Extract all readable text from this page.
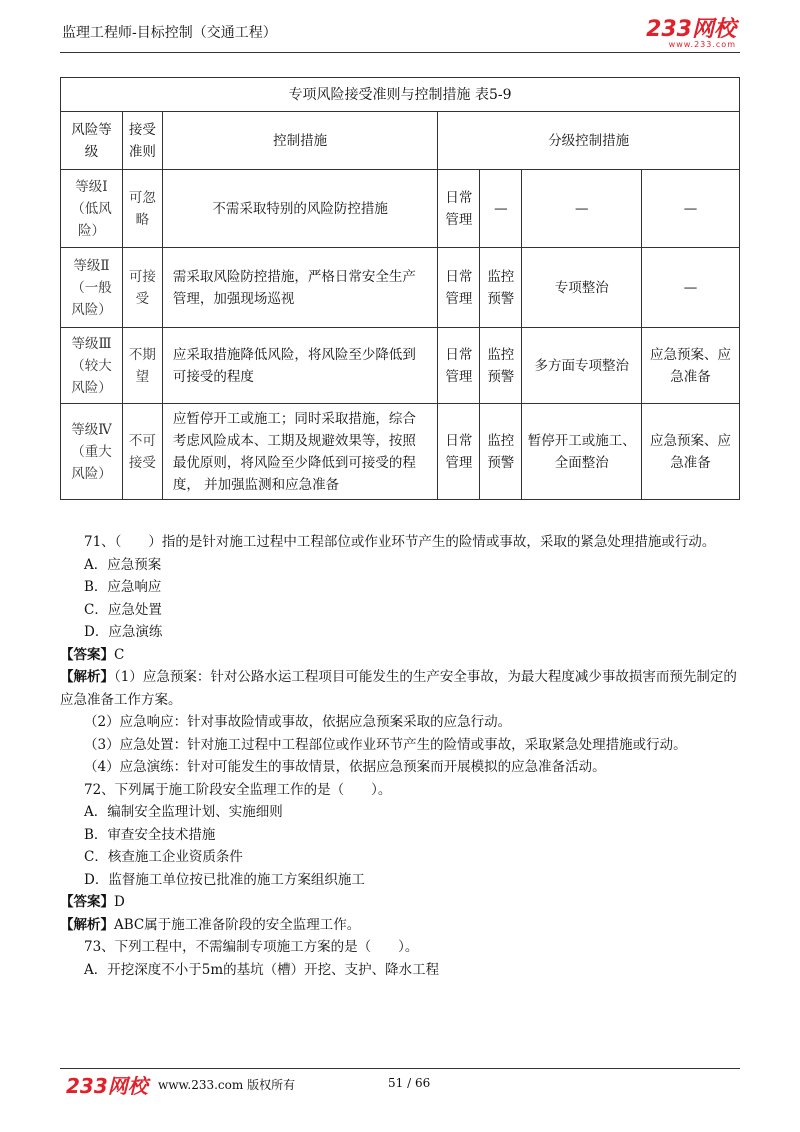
监理工程师-目标控制（交通工程）	233网校
www.233.com
专项风险接受准则与控制措施 表5-9						
风险等级	接受准则	控制措施	分级控制措施			
等级Ⅰ（低风险）	可忽略	不需采取特别的风险防控措施	日常管理	—	—	—
等级Ⅱ（一般风险）	可接受	需采取风险防控措施，严格日常安全生产管理，加强现场巡视	日常管理	监控预警	专项整治	—
等级Ⅲ（较大风险）	不期望	应采取措施降低风险，将风险至少降低到可接受的程度	日常管理	监控预警	多方面专项整治	应急预案、应急准备
等级Ⅳ（重大风险）	不可接受	应暂停开工或施工；同时采取措施，综合考虑风险成本、工期及规避效果等，按照最优原则，将风险至少降低到可接受的程度， 并加强监测和应急准备	日常管理	监控预警	暂停开工或施工、全面整治	应急预案、应急准备

71、（　　）指的是针对施工过程中工程部位或作业环节产生的险情或事故，采取的紧急处理措施或行动。

A．应急预案

B．应急响应

C．应急处置

D．应急演练

【答案】C

【解析】（1）应急预案：针对公路水运工程项目可能发生的生产安全事故，为最大程度减少事故损害而预先制定的应急准备工作方案。

（2）应急响应：针对事故险情或事故，依据应急预案采取的应急行动。

（3）应急处置：针对施工过程中工程部位或作业环节产生的险情或事故，采取紧急处理措施或行动。

（4）应急演练：针对可能发生的事故情景，依据应急预案而开展模拟的应急准备活动。

72、下列属于施工阶段安全监理工作的是（　　）。

A．编制安全监理计划、实施细则

B．审查安全技术措施

C．核查施工企业资质条件

D．监督施工单位按已批准的施工方案组织施工

【答案】D

【解析】ABC属于施工准备阶段的安全监理工作。

73、下列工程中，不需编制专项施工方案的是（　　）。

A．开挖深度不小于5m的基坑（槽）开挖、支护、降水工程

233网校 www.233.com 版权所有	51 / 66
